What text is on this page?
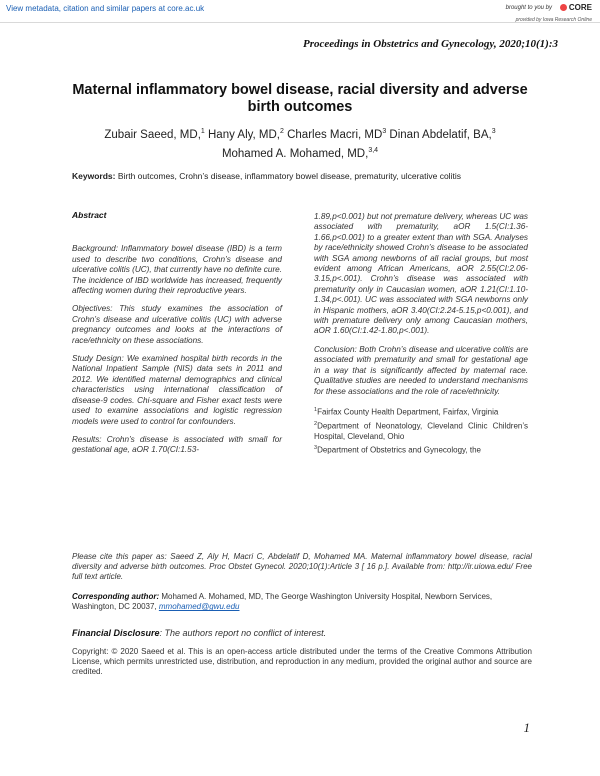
View metadata, citation and similar papers at core.ac.uk	brought to you by	CORE
provided by Iowa Research Online
Proceedings in Obstetrics and Gynecology, 2020;10(1):3
Maternal inflammatory bowel disease, racial diversity and adverse birth outcomes
Zubair Saeed, MD,$^1$ Hany Aly, MD,$^2$ Charles Macri, $MD^3$ Dinan Abdelatif, BA,$^3$
Mohamed A. Mohamed, MD,$^{3,4}$
Keywords: Birth outcomes, Crohn’s disease, inflammatory bowel disease, prematurity, ulcerative colitis

Abstract

Background: Inflammatory bowel disease (IBD) is a term used to describe two conditions, Crohn’s disease and ulcerative colitis (UC), that currently have no definite cure. The incidence of IBD worldwide has increased, frequently affecting women during their reproductive years.

Objectives: This study examines the association of Crohn’s disease and ulcerative colitis (UC) with adverse pregnancy outcomes and looks at the interactions of race/ethnicity on these associations.

Study Design: We examined hospital birth records in the National Inpatient Sample (NIS) data sets in 2011 and 2012. We identified maternal demographics and clinical characteristics using international classification of disease-9 codes. Chi-square and Fisher exact tests were used to examine associations and logistic regression models were used to control for confounders.

Results: Crohn’s disease is associated with small for gestational age, aOR 1.70(CI:1.53-

1.89,p<0.001) but not premature delivery, whereas UC was associated with prematurity, aOR 1.5(CI:1.36-1.66,p<0.001) to a greater extent than with SGA. Analyses by race/ethnicity showed Crohn’s disease to be associated with SGA among newborns of all racial groups, but most evident among African Americans, aOR 2.55(CI:2.06-3.15,p<.001). Crohn’s disease was associated with prematurity only in Caucasian women, aOR 1.21(CI:1.10-1.34,p<.001). UC was associated with SGA newborns only in Hispanic mothers, aOR 3.40(CI:2.24-5.15,p<0.001), and with premature delivery only among Caucasian mothers, aOR 1.60(CI:1.42-1.80,p<.001).

Conclusion: Both Crohn’s disease and ulcerative colitis are associated with prematurity and small for gestational age in a way that is significantly affected by maternal race. Qualitative studies are needed to understand mechanisms for these associations and the role of race/ethnicity.

$^1$Fairfax County Health Department, Fairfax, Virginia

$^2$Department of Neonatology, Cleveland Clinic Children’s Hospital, Cleveland, Ohio

$^3$Department of Obstetrics and Gynecology, the

Please cite this paper as: Saeed Z, Aly H, Macri C, Abdelatif D, Mohamed MA. Maternal inflammatory bowel disease, racial diversity and adverse birth outcomes. Proc Obstet Gynecol. 2020;10(1):Article 3 [ 16 p.]. Available from: http://ir.uiowa.edu/ Free full text article.
Corresponding author: Mohamed A. Mohamed, MD, The George Washington University Hospital, Newborn Services, Washington, DC 20037, mmohamed@gwu.edu
Financial Disclosure: The authors report no conflict of interest.
Copyright: © 2020 Saeed et al. This is an open-access article distributed under the terms of the Creative Commons Attribution License, which permits unrestricted use, distribution, and reproduction in any medium, provided the original author and source are credited.
1
